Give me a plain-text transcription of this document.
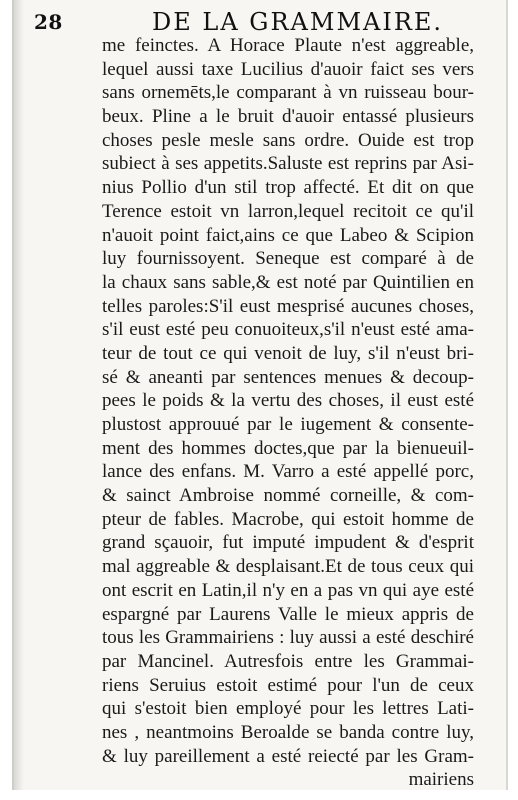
28	DE LA GRAMMAIRE.
me feinctes. A Horace Plaute n'est aggreable,
lequel aussi taxe Lucilius d'auoir faict ses vers
sans ornemēts,le comparant à vn ruisseau bour-
beux. Pline a le bruit d'auoir entassé plusieurs
choses pesle mesle sans ordre. Ouide est trop
subiect à ses appetits.Saluste est reprins par Asi-
nius Pollio d'un stil trop affecté. Et dit on que
Terence estoit vn larron,lequel recitoit ce qu'il
n'auoit point faict,ains ce que Labeo & Scipion
luy fournissoyent. Seneque est comparé à de
la chaux sans sable,& est noté par Quintilien en
telles paroles:S'il eust mesprisé aucunes choses,
s'il eust esté peu conuoiteux,s'il n'eust esté ama-
teur de tout ce qui venoit de luy, s'il n'eust bri-
sé & aneanti par sentences menues & decoup-
pees le poids & la vertu des choses, il eust esté
plustost approuué par le iugement & consente-
ment des hommes doctes,que par la bienueuil-
lance des enfans. M. Varro a esté appellé porc,
& sainct Ambroise nommé corneille, & com-
pteur de fables. Macrobe, qui estoit homme de
grand sçauoir, fut imputé impudent & d'esprit
mal aggreable & desplaisant.Et de tous ceux qui
ont escrit en Latin,il n'y en a pas vn qui aye esté
espargné par Laurens Valle le mieux appris de
tous les Grammairiens : luy aussi a esté deschiré
par Mancinel. Autresfois entre les Grammai-
riens Seruius estoit estimé pour l'un de ceux
qui s'estoit bien employé pour les lettres Lati-
nes , neantmoins Beroalde se banda contre luy,
& luy pareillement a esté reiecté par les Gram-
mairiens
